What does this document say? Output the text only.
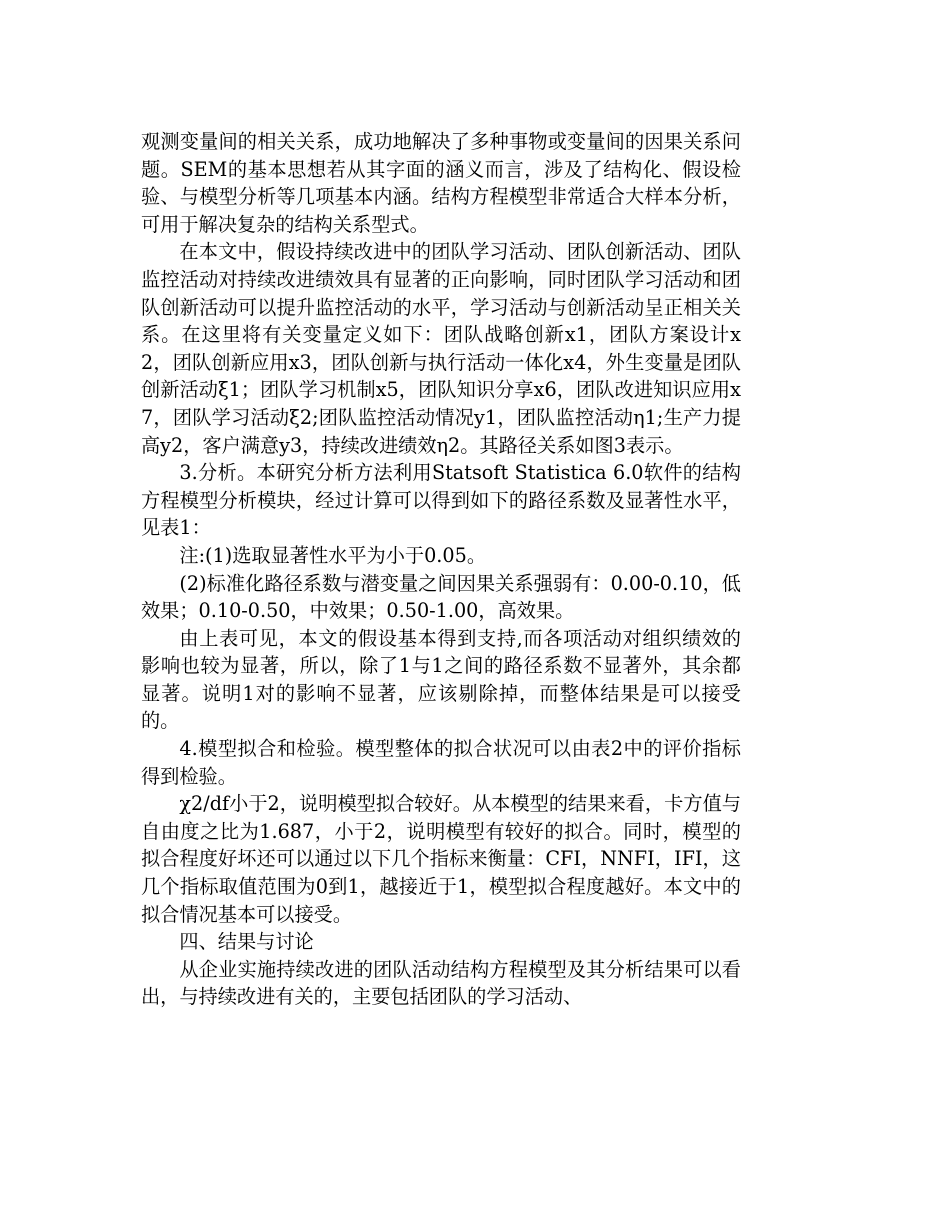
观测变量间的相关关系，成功地解决了多种事物或变量间的因果关系问题。SEM的基本思想若从其字面的涵义而言，涉及了结构化、假设检验、与模型分析等几项基本内涵。结构方程模型非常适合大样本分析，可用于解决复杂的结构关系型式。

在本文中，假设持续改进中的团队学习活动、团队创新活动、团队监控活动对持续改进绩效具有显著的正向影响，同时团队学习活动和团队创新活动可以提升监控活动的水平，学习活动与创新活动呈正相关关系。在这里将有关变量定义如下：团队战略创新x1，团队方案设计x2，团队创新应用x3，团队创新与执行活动一体化x4，外生变量是团队创新活动ξ1；团队学习机制x5，团队知识分享x6，团队改进知识应用x7，团队学习活动ξ2;团队监控活动情况y1，团队监控活动η1;生产力提高y2，客户满意y3，持续改进绩效η2。其路径关系如图3表示。

3.分析。本研究分析方法利用Statsoft Statistica 6.0软件的结构方程模型分析模块，经过计算可以得到如下的路径系数及显著性水平，见表1：

注:(1)选取显著性水平为小于0.05。

(2)标准化路径系数与潜变量之间因果关系强弱有：0.00-0.10，低效果；0.10-0.50，中效果；0.50-1.00，高效果。

由上表可见，本文的假设基本得到支持,而各项活动对组织绩效的影响也较为显著，所以，除了1与1之间的路径系数不显著外，其余都显著。说明1对的影响不显著，应该剔除掉，而整体结果是可以接受的。

4.模型拟合和检验。模型整体的拟合状况可以由表2中的评价指标得到检验。

χ2/df小于2，说明模型拟合较好。从本模型的结果来看，卡方值与自由度之比为1.687，小于2，说明模型有较好的拟合。同时，模型的拟合程度好坏还可以通过以下几个指标来衡量：CFI，NNFI，IFI，这几个指标取值范围为0到1，越接近于1，模型拟合程度越好。本文中的拟合情况基本可以接受。

四、结果与讨论

从企业实施持续改进的团队活动结构方程模型及其分析结果可以看出，与持续改进有关的，主要包括团队的学习活动、
